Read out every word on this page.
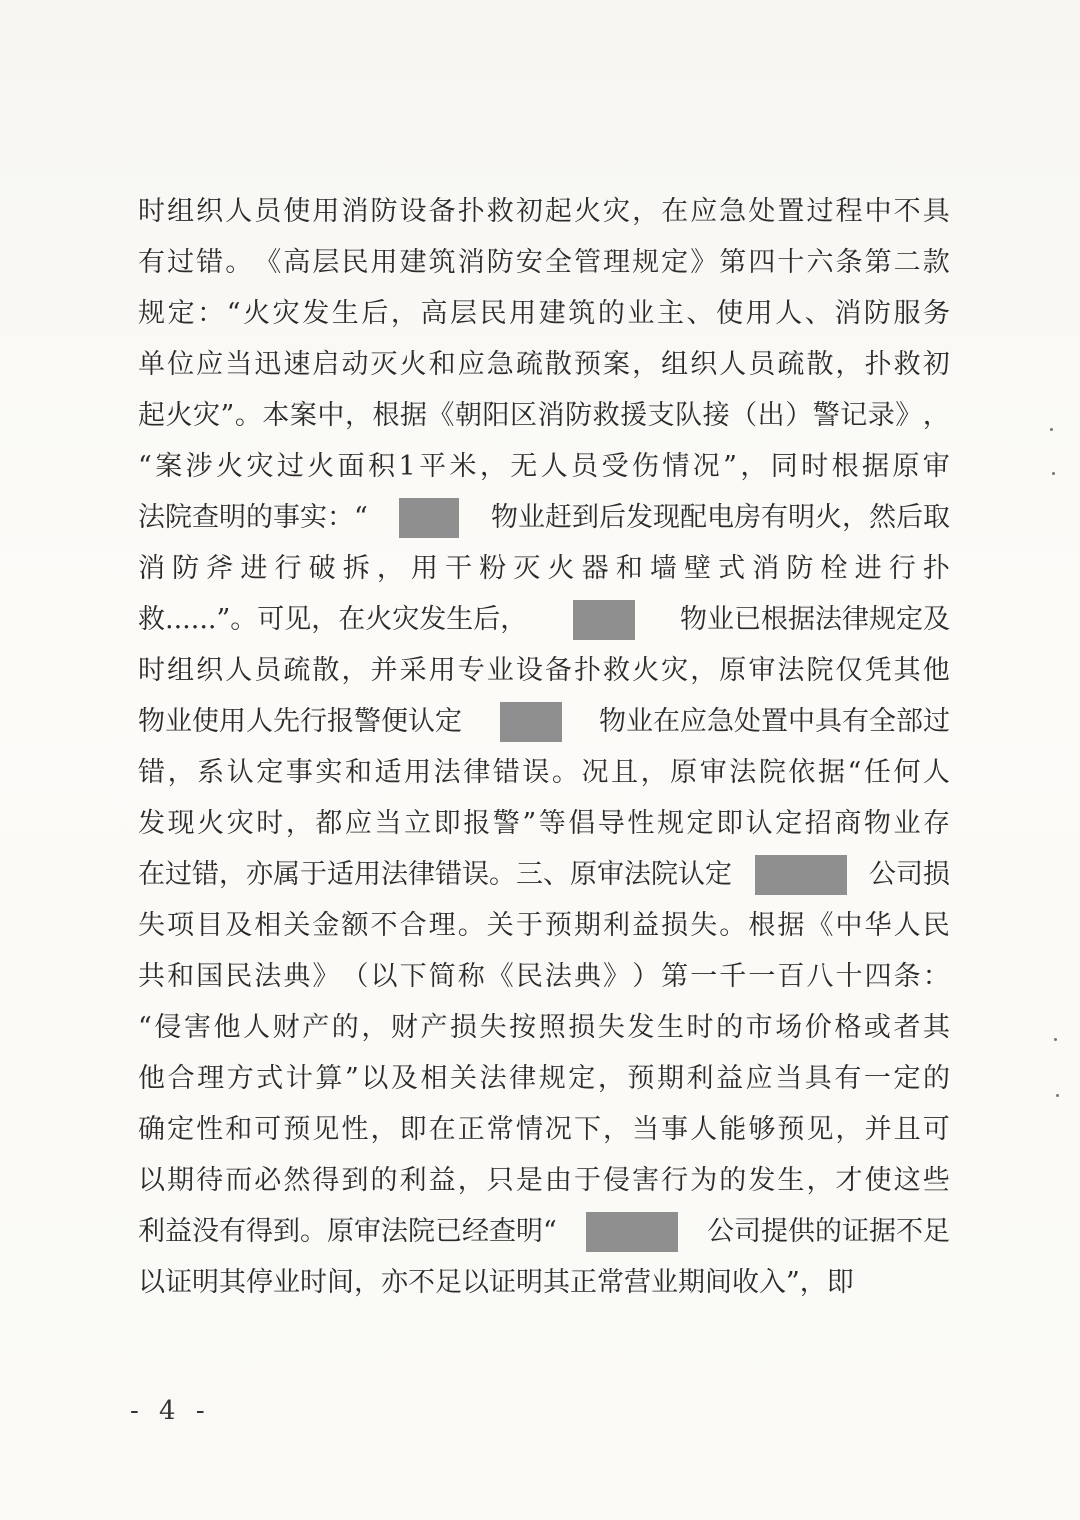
时 组 织 人 员 使 用 消 防 设 备 扑 救 初 起 火 灾 ， 在 应 急 处 置 过 程 中 不 具
有 过 错 。 《 高 层 民 用 建 筑 消 防 安 全 管 理 规 定 》 第 四 十 六 条 第 二 款
规 定 ： “ 火 灾 发 生 后 ， 高 层 民 用 建 筑 的 业 主 、 使 用 人 、 消 防 服 务
单 位 应 当 迅 速 启 动 灭 火 和 应 急 疏 散 预 案 ， 组 织 人 员 疏 散 ， 扑 救 初
起 火 灾 ” 。 本 案 中 ， 根 据 《 朝 阳 区 消 防 救 援 支 队 接 （ 出 ） 警 记 录 》 ，
“ 案 涉 火 灾 过 火 面 积 1 平 米 ， 无 人 员 受 伤 情 况 ” ， 同 时 根 据 原 审
法院查明的事实：“	物业赶到后发现配电房有明火，然后取
消 防 斧 进 行 破 拆 ， 用 干 粉 灭 火 器 和 墙 壁 式 消 防 栓 进 行 扑
救......”。可见，在火灾发生后，	物业已根据法律规定及
时 组 织 人 员 疏 散 ， 并 采 用 专 业 设 备 扑 救 火 灾 ， 原 审 法 院 仅 凭 其 他
物业使用人先行报警便认定	物业在应急处置中具有全部过
错 ， 系 认 定 事 实 和 适 用 法 律 错 误 。 况 且 ， 原 审 法 院 依 据 “ 任 何 人
发 现 火 灾 时 ， 都 应 当 立 即 报 警 ” 等 倡 导 性 规 定 即 认 定 招 商 物 业 存
在过错，亦属于适用法律错误。三、原审法院认定	公司损
失 项 目 及 相 关 金 额 不 合 理 。 关 于 预 期 利 益 损 失 。 根 据 《 中 华 人 民
共 和 国 民 法 典 》 （ 以 下 简 称 《 民 法 典 》 ） 第 一 千 一 百 八 十 四 条 ：
“ 侵 害 他 人 财 产 的 ， 财 产 损 失 按 照 损 失 发 生 时 的 市 场 价 格 或 者 其
他 合 理 方 式 计 算 ” 以 及 相 关 法 律 规 定 ， 预 期 利 益 应 当 具 有 一 定 的
确 定 性 和 可 预 见 性 ， 即 在 正 常 情 况 下 ， 当 事 人 能 够 预 见 ， 并 且 可
以 期 待 而 必 然 得 到 的 利 益 ， 只 是 由 于 侵 害 行 为 的 发 生 ， 才 使 这 些
利益没有得到。原审法院已经查明“	公司提供的证据不足
以证明其停业时间，亦不足以证明其正常营业期间收入”，即
- 4 -
